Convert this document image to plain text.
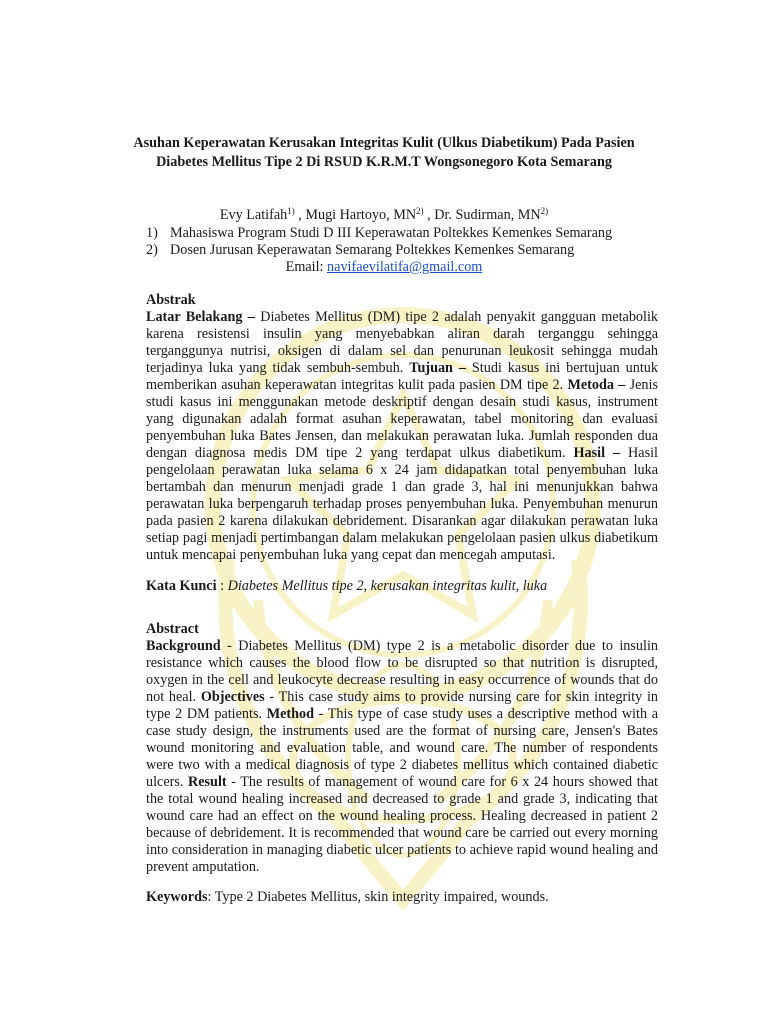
Asuhan Keperawatan Kerusakan Integritas Kulit (Ulkus Diabetikum) Pada Pasien Diabetes Mellitus Tipe 2 Di RSUD K.R.M.T Wongsonegoro Kota Semarang
Evy Latifah$^{1)}$ , Mugi Hartoyo, MN$^{2)}$ , Dr. Sudirman, MN$^{2)}$
1) Mahasiswa Program Studi D III Keperawatan Poltekkes Kemenkes Semarang
2) Dosen Jurusan Keperawatan Semarang Poltekkes Kemenkes Semarang
Email: navifaevilatifa@gmail.com
Abstrak
Latar Belakang – Diabetes Mellitus (DM) tipe 2 adalah penyakit gangguan metabolik karena resistensi insulin yang menyebabkan aliran darah terganggu sehingga terganggunya nutrisi, oksigen di dalam sel dan penurunan leukosit sehingga mudah terjadinya luka yang tidak sembuh-sembuh. Tujuan – Studi kasus ini bertujuan untuk memberikan asuhan keperawatan integritas kulit pada pasien DM tipe 2. Metoda – Jenis studi kasus ini menggunakan metode deskriptif dengan desain studi kasus, instrument yang digunakan adalah format asuhan keperawatan, tabel monitoring dan evaluasi penyembuhan luka Bates Jensen, dan melakukan perawatan luka. Jumlah responden dua dengan diagnosa medis DM tipe 2 yang terdapat ulkus diabetikum. Hasil – Hasil pengelolaan perawatan luka selama 6 x 24 jam didapatkan total penyembuhan luka bertambah dan menurun menjadi grade 1 dan grade 3, hal ini menunjukkan bahwa perawatan luka berpengaruh terhadap proses penyembuhan luka. Penyembuhan menurun pada pasien 2 karena dilakukan debridement. Disarankan agar dilakukan perawatan luka setiap pagi menjadi pertimbangan dalam melakukan pengelolaan pasien ulkus diabetikum untuk mencapai penyembuhan luka yang cepat dan mencegah amputasi.
Kata Kunci : Diabetes Mellitus tipe 2, kerusakan integritas kulit, luka
Abstract
Background - Diabetes Mellitus (DM) type 2 is a metabolic disorder due to insulin resistance which causes the blood flow to be disrupted so that nutrition is disrupted, oxygen in the cell and leukocyte decrease resulting in easy occurrence of wounds that do not heal. Objectives - This case study aims to provide nursing care for skin integrity in type 2 DM patients. Method - This type of case study uses a descriptive method with a case study design, the instruments used are the format of nursing care, Jensen's Bates wound monitoring and evaluation table, and wound care. The number of respondents were two with a medical diagnosis of type 2 diabetes mellitus which contained diabetic ulcers. Result - The results of management of wound care for 6 x 24 hours showed that the total wound healing increased and decreased to grade 1 and grade 3, indicating that wound care had an effect on the wound healing process. Healing decreased in patient 2 because of debridement. It is recommended that wound care be carried out every morning into consideration in managing diabetic ulcer patients to achieve rapid wound healing and prevent amputation.
Keywords: Type 2 Diabetes Mellitus, skin integrity impaired, wounds.
